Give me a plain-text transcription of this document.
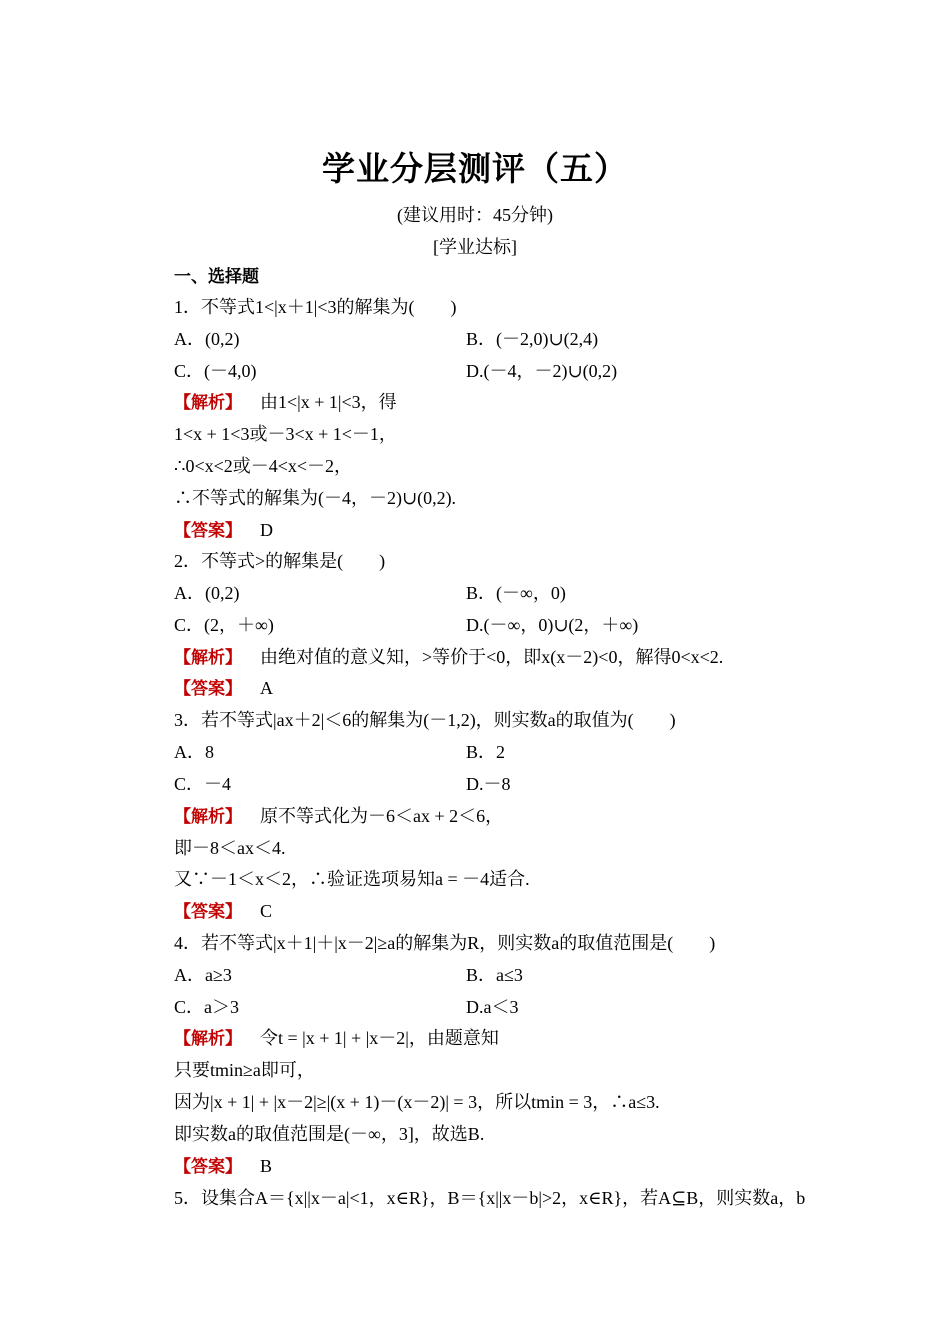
学业分层测评（五）
(建议用时：45分钟)
[学业达标]
一、选择题
1．不等式1<|x＋1|<3的解集为(　　)
A．(0,2)	B．(－2,0)∪(2,4)
C．(－4,0)	D.(－4，－2)∪(0,2)
【解析】 由1<|x + 1|<3，得
1<x + 1<3或－3<x + 1<－1，
∴0<x<2或－4<x<－2，
∴不等式的解集为(－4，－2)∪(0,2).
【答案】 D
2．不等式>的解集是(　　)
A．(0,2)	B．(－∞，0)
C．(2，＋∞)	D.(－∞，0)∪(2，＋∞)
【解析】 由绝对值的意义知，>等价于<0，即x(x－2)<0，解得0<x<2.
【答案】 A
3．若不等式|ax＋2|＜6的解集为(－1,2)，则实数a的取值为(　　)
A．8	B．2
C．－4	D.－8
【解析】 原不等式化为－6＜ax + 2＜6，
即－8＜ax＜4.
又∵－1＜x＜2，∴验证选项易知a = －4适合.
【答案】 C
4．若不等式|x＋1|＋|x－2|≥a的解集为R，则实数a的取值范围是(　　)
A．a≥3	B．a≤3
C．a＞3	D.a＜3
【解析】 令t = |x + 1| + |x－2|，由题意知
只要tmin≥a即可，
因为|x + 1| + |x－2|≥|(x + 1)－(x－2)| = 3，所以tmin = 3，∴a≤3.
即实数a的取值范围是(－∞，3]，故选B.
【答案】 B
5．设集合A＝{x||x－a|<1，x∈R}，B＝{x||x－b|>2，x∈R}，若A⊆B，则实数a，b
